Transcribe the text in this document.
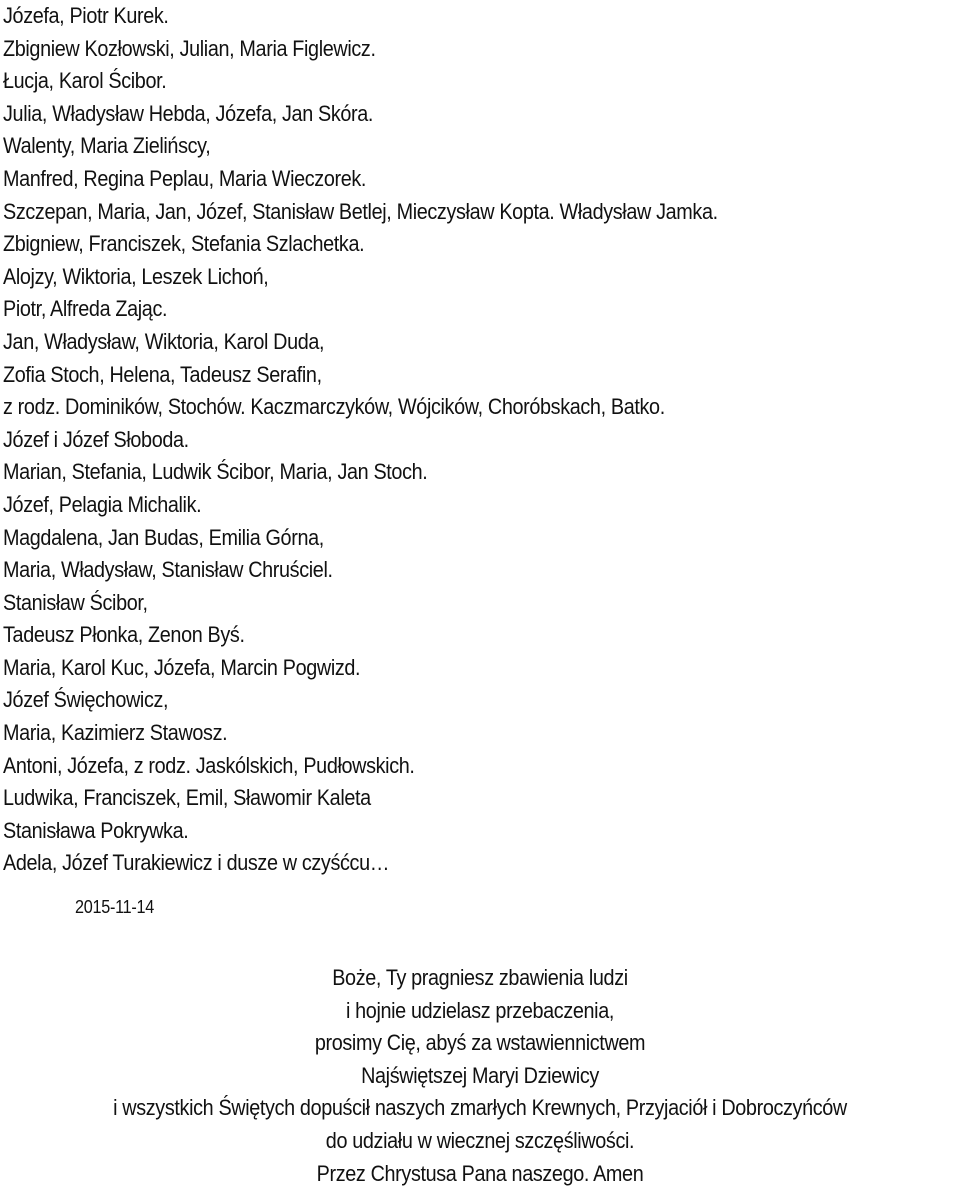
Józefa, Piotr Kurek.
Zbigniew Kozłowski, Julian, Maria Figlewicz.
Łucja, Karol Ścibor.
Julia, Władysław Hebda, Józefa, Jan Skóra.
Walenty, Maria Zielińscy,
Manfred, Regina Peplau, Maria Wieczorek.
Szczepan, Maria, Jan, Józef, Stanisław Betlej, Mieczysław Kopta. Władysław Jamka.
Zbigniew, Franciszek, Stefania Szlachetka.
Alojzy, Wiktoria, Leszek Lichoń,
Piotr, Alfreda Zając.
Jan, Władysław, Wiktoria, Karol Duda,
Zofia Stoch, Helena, Tadeusz Serafin,
z rodz. Dominików, Stochów. Kaczmarczyków, Wójcików, Choróbskach, Batko.
Józef i Józef Słoboda.
Marian, Stefania, Ludwik Ścibor, Maria, Jan Stoch.
Józef, Pelagia Michalik.
Magdalena, Jan Budas, Emilia Górna,
Maria, Władysław, Stanisław Chruściel.
Stanisław Ścibor,
Tadeusz Płonka, Zenon Byś.
Maria, Karol Kuc, Józefa, Marcin Pogwizd.
Józef Święchowicz,
Maria, Kazimierz Stawosz.
Antoni, Józefa, z rodz. Jaskólskich, Pudłowskich.
Ludwika, Franciszek, Emil, Sławomir Kaleta
Stanisława Pokrywka.
Adela, Józef Turakiewicz i dusze w czyśćcu…
2015-11-14
Boże, Ty pragniesz zbawienia ludzi
i hojnie udzielasz przebaczenia,
prosimy Cię, abyś za wstawiennictwem
Najświętszej Maryi Dziewicy
i wszystkich Świętych dopuścił naszych zmarłych Krewnych, Przyjaciół i Dobroczyńców
do udziału w wiecznej szczęśliwości.
Przez Chrystusa Pana naszego. Amen
